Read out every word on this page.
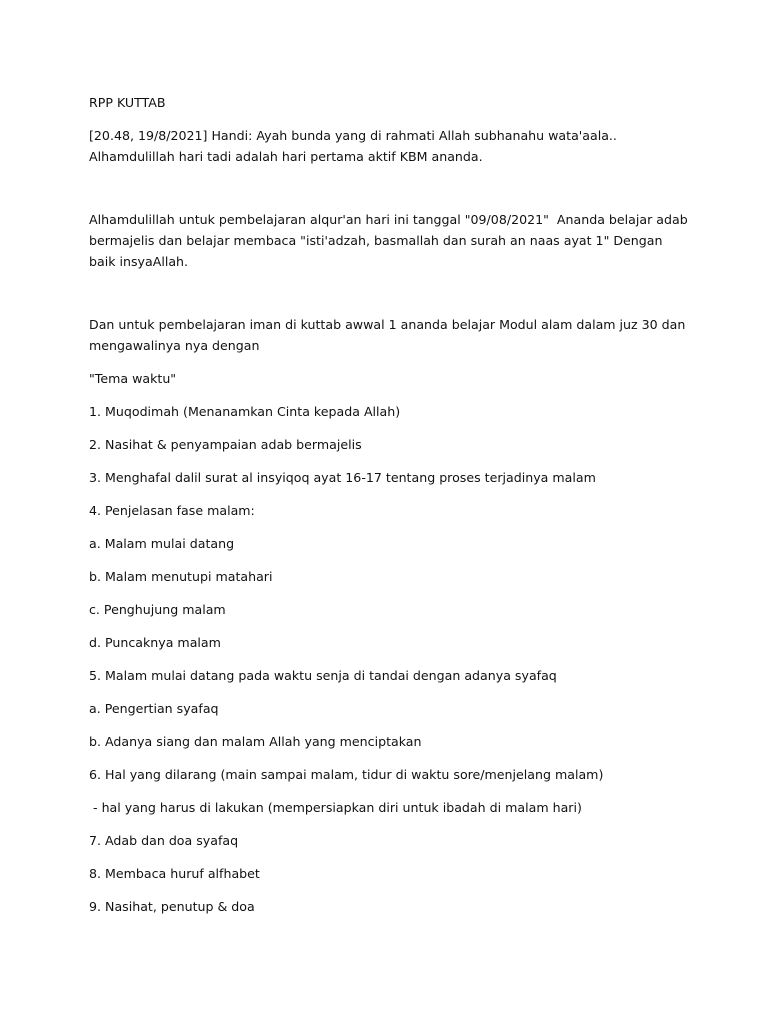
RPP KUTTAB

[20.48, 19/8/2021] Handi: Ayah bunda yang di rahmati Allah subhanahu wata'aala.. Alhamdulillah hari tadi adalah hari pertama aktif KBM ananda.

Alhamdulillah untuk pembelajaran alqur'an hari ini tanggal "09/08/2021"  Ananda belajar adab bermajelis dan belajar membaca "isti'adzah, basmallah dan surah an naas ayat 1" Dengan baik insyaAllah.

Dan untuk pembelajaran iman di kuttab awwal 1 ananda belajar Modul alam dalam juz 30 dan mengawalinya nya dengan

"Tema waktu"

1. Muqodimah (Menanamkan Cinta kepada Allah)

2. Nasihat & penyampaian adab bermajelis

3. Menghafal dalil surat al insyiqoq ayat 16-17 tentang proses terjadinya malam

4. Penjelasan fase malam:

a. Malam mulai datang

b. Malam menutupi matahari

c. Penghujung malam

d. Puncaknya malam

5. Malam mulai datang pada waktu senja di tandai dengan adanya syafaq

a. Pengertian syafaq

b. Adanya siang dan malam Allah yang menciptakan

6. Hal yang dilarang (main sampai malam, tidur di waktu sore/menjelang malam)

- hal yang harus di lakukan (mempersiapkan diri untuk ibadah di malam hari)

7. Adab dan doa syafaq

8. Membaca huruf alfhabet

9. Nasihat, penutup & doa
